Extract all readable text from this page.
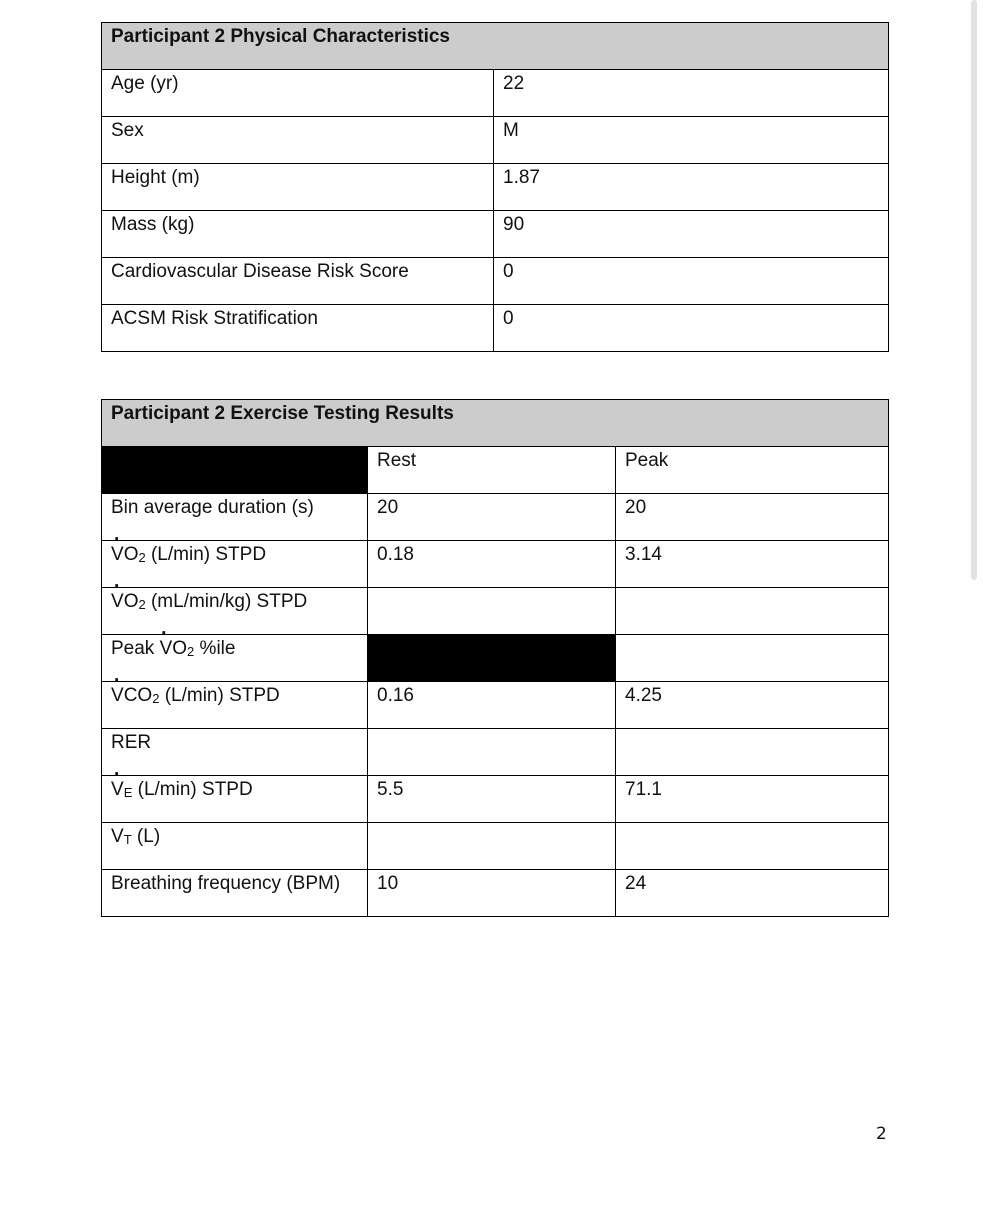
Participant 2 Physical Characteristics	
Age (yr)	22
Sex	M
Height (m)	1.87
Mass (kg)	90
Cardiovascular Disease Risk Score	0
ACSM Risk Stratification	0
Participant 2 Exercise Testing Results		
	Rest	Peak
Bin average duration (s)	20	20
· $VO_2$ (L/min) STPD	0.18	3.14
· $VO_2$ (mL/min/kg) STPD		
· Peak $VO_2$ %ile		
· $VCO_2$ (L/min) STPD	0.16	4.25
RER		
· $V_E$ (L/min) STPD	5.5	71.1
$V_T$ (L)		
Breathing frequency (BPM)	10	24
2
